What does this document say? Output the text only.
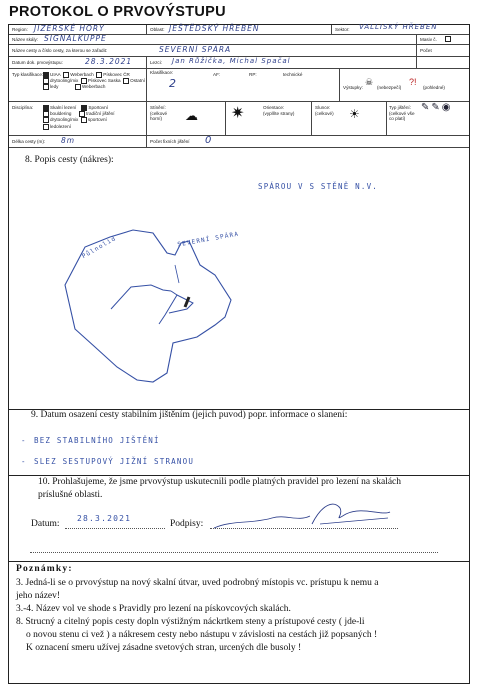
PROTOKOL O PRVOVÝSTUPU
Region: JIZERSKÉ HORY	Oblast: JEŠTĚDSKÝ HŘEBEN	Sektor: VALLISKÝ HŘEBEN
Název skály: SIGNALKUPPE	Masiv č.
Název cesty a číslo cesty, za kterou se zařadit:	SEVERNÍ SPÁRA	Počet
Datum dok. prvovýstupu:	28.3.2021	Lezci: Jan Růžička, Michal Spačal
Typ klasifikace:	UIAA Weberbach Pískovec ČR
drytooling/mix Pískovec Saska Ostatní
ledy	Weberbach
Klasifikace:
2
AF:	RP:	technické
Výstupky:
☠
(nebezpečí)
?!
(pohledné)
Disciplína:	Skalní lezení	Sportovní
bouldering	tradiční jištění
drytooling/mix sportovní
ledolezení
Stínění:
(celkové horní)	☁
Orientace:
(vyplňte strany)
✷	Slunce:
(celkové) ☀	Typ jištění:
(celkové vše co platí)
✎✎◉
Délka cesty (m): 8m	Počet fixních jištění 0
8. Popis cesty (nákres):
SPÁROU V S STĚNĚ N.V.
Půlnolid	SEVERNÍ SPÁRA
9. Datum osazení cesty stabilním jištěním (jejich puvod) popr. informace o slanení:
- BEZ STABILNÍHO JIŠTĚNÍ
- SLEZ SESTUPOVÝ JIŽNÍ STRANOU
10. Prohlašujeme, že jsme prvovýstup uskutecnili podle platných pravidel pro lezení na skalách
príslušné oblasti.
Datum:
28.3.2021
Podpisy:
Poznámky:
3. Jedná-li se o prvovýstup na nový skalní útvar, uved podrobný místopis vc. prístupu k nemu a
jeho název!
3.-4. Název vol ve shode s Pravidly pro lezení na pískovcových skalách.
8. Strucný a citelný popis cesty dopln výstižným náckrtkem steny a prístupové cesty ( jde-li
o novou stenu ci vež ) a nákresem cesty nebo nástupu v závislosti na cestách již popsaných !
K oznacení smeru užívej zásadne svetových stran, urcených dle busoly !
